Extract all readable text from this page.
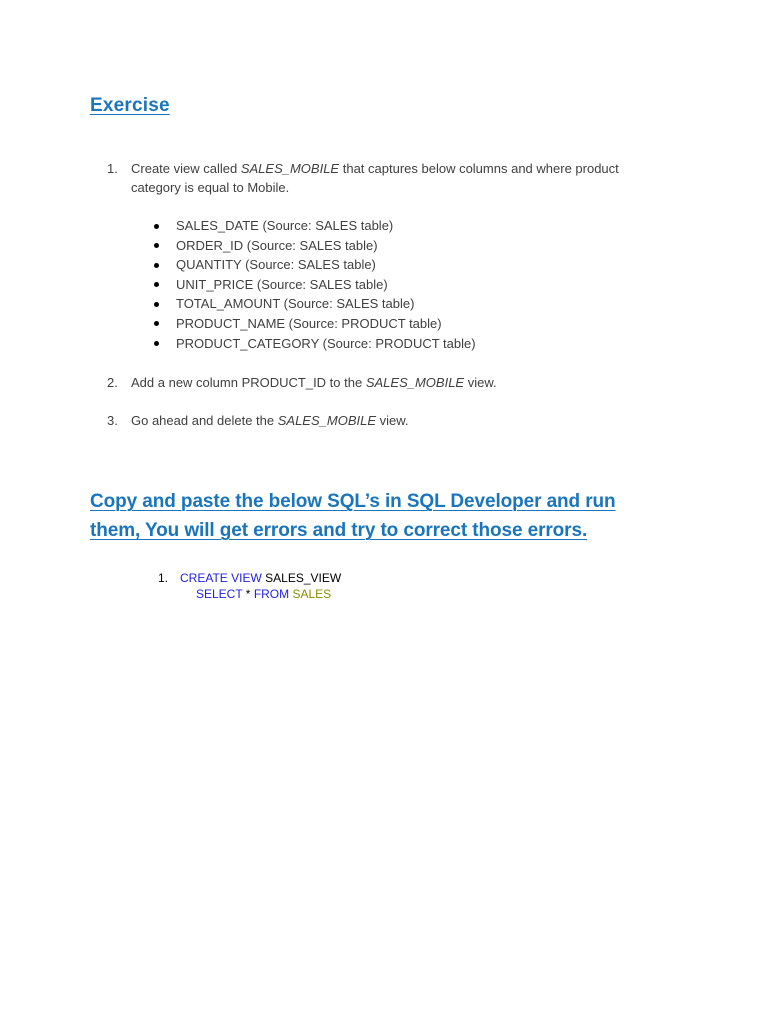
Exercise
1. Create view called SALES_MOBILE that captures below columns and where product category is equal to Mobile.
SALES_DATE (Source: SALES table)
ORDER_ID (Source: SALES table)
QUANTITY (Source: SALES table)
UNIT_PRICE (Source: SALES table)
TOTAL_AMOUNT (Source: SALES table)
PRODUCT_NAME (Source: PRODUCT table)
PRODUCT_CATEGORY (Source: PRODUCT table)
2. Add a new column PRODUCT_ID to the SALES_MOBILE view.
3. Go ahead and delete the SALES_MOBILE view.
Copy and paste the below SQL’s in SQL Developer and run them, You will get errors and try to correct those errors.
1. CREATE VIEW SALES_VIEW
SELECT * FROM SALES
